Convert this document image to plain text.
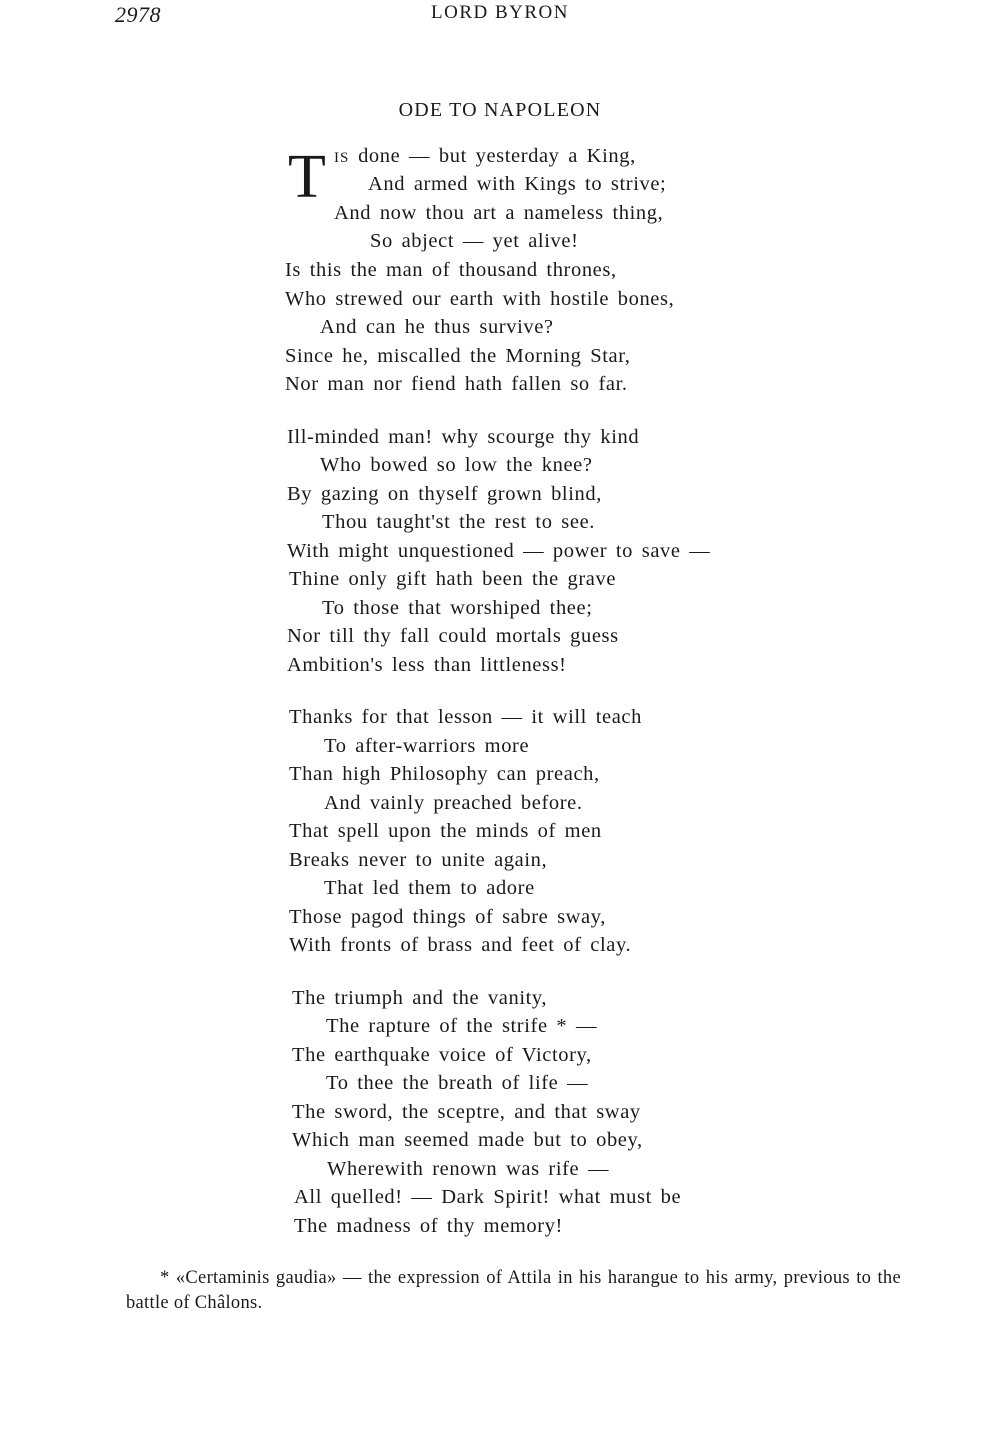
2978	LORD BYRON
ODE TO NAPOLEON
T IS done — but yesterday a King,
And armed with Kings to strive;
And now thou art a nameless thing,
So abject — yet alive!
Is this the man of thousand thrones,
Who strewed our earth with hostile bones,
And can he thus survive?
Since he, miscalled the Morning Star,
Nor man nor fiend hath fallen so far.
Ill-minded man! why scourge thy kind
Who bowed so low the knee?
By gazing on thyself grown blind,
Thou taught'st the rest to see.
With might unquestioned — power to save —
Thine only gift hath been the grave
To those that worshiped thee;
Nor till thy fall could mortals guess
Ambition's less than littleness!
Thanks for that lesson — it will teach
To after-warriors more
Than high Philosophy can preach,
And vainly preached before.
That spell upon the minds of men
Breaks never to unite again,
That led them to adore
Those pagod things of sabre sway,
With fronts of brass and feet of clay.
The triumph and the vanity,
The rapture of the strife * —
The earthquake voice of Victory,
To thee the breath of life —
The sword, the sceptre, and that sway
Which man seemed made but to obey,
Wherewith renown was rife —
All quelled! — Dark Spirit! what must be
The madness of thy memory!
* «Certaminis gaudia» — the expression of Attila in his harangue to his army, previous to the battle of Châlons.
